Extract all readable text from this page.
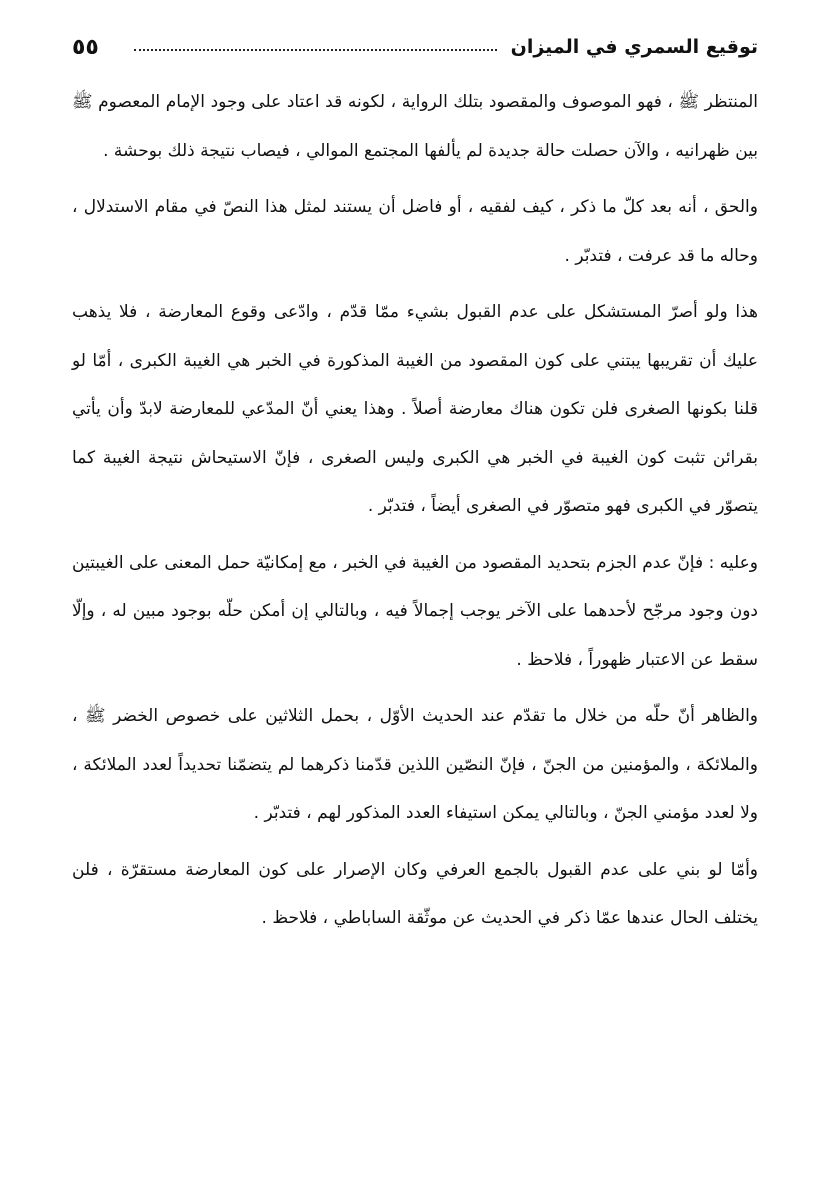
٥٥	توقيع السمري في الميزان

المنتظر ﷺ ، فهو الموصوف والمقصود بتلك الرواية ، لكونه قد اعتاد على وجود الإمام المعصوم ﷺ بين ظهرانيه ، والآن حصلت حالة جديدة لم يألفها المجتمع الموالي ، فيصاب نتيجة ذلك بوحشة .

والحق ، أنه بعد كلّ ما ذكر ، كيف لفقيه ، أو فاضل أن يستند لمثل هذا النصّ في مقام الاستدلال ، وحاله ما قد عرفت ، فتدبّر .

هذا ولو أصرّ المستشكل على عدم القبول بشيء ممّا قدّم ، وادّعى وقوع المعارضة ، فلا يذهب عليك أن تقريبها يبتني على كون المقصود من الغيبة المذكورة في الخبر هي الغيبة الكبرى ، أمّا لو قلنا بكونها الصغرى فلن تكون هناك معارضة أصلاً . وهذا يعني أنّ المدّعي للمعارضة لابدّ وأن يأتي بقرائن تثبت كون الغيبة في الخبر هي الكبرى وليس الصغرى ، فإنّ الاستيحاش نتيجة الغيبة كما يتصوّر في الكبرى فهو متصوّر في الصغرى أيضاً ، فتدبّر .

وعليه : فإنّ عدم الجزم بتحديد المقصود من الغيبة في الخبر ، مع إمكانيّة حمل المعنى على الغيبتين دون وجود مرجّح لأحدهما على الآخر يوجب إجمالاً فيه ، وبالتالي إن أمكن حلّه بوجود مبين له ، وإلّا سقط عن الاعتبار ظهوراً ، فلاحظ .

والظاهر أنّ حلّه من خلال ما تقدّم عند الحديث الأوّل ، بحمل الثلاثين على خصوص الخضر ﷺ ، والملائكة ، والمؤمنين من الجنّ ، فإنّ النصّين اللذين قدّمنا ذكرهما لم يتضمّنا تحديداً لعدد الملائكة ، ولا لعدد مؤمني الجنّ ، وبالتالي يمكن استيفاء العدد المذكور لهم ، فتدبّر .

وأمّا لو بني على عدم القبول بالجمع العرفي وكان الإصرار على كون المعارضة مستقرّة ، فلن يختلف الحال عندها عمّا ذكر في الحديث عن موثّقة الساباطي ، فلاحظ .
